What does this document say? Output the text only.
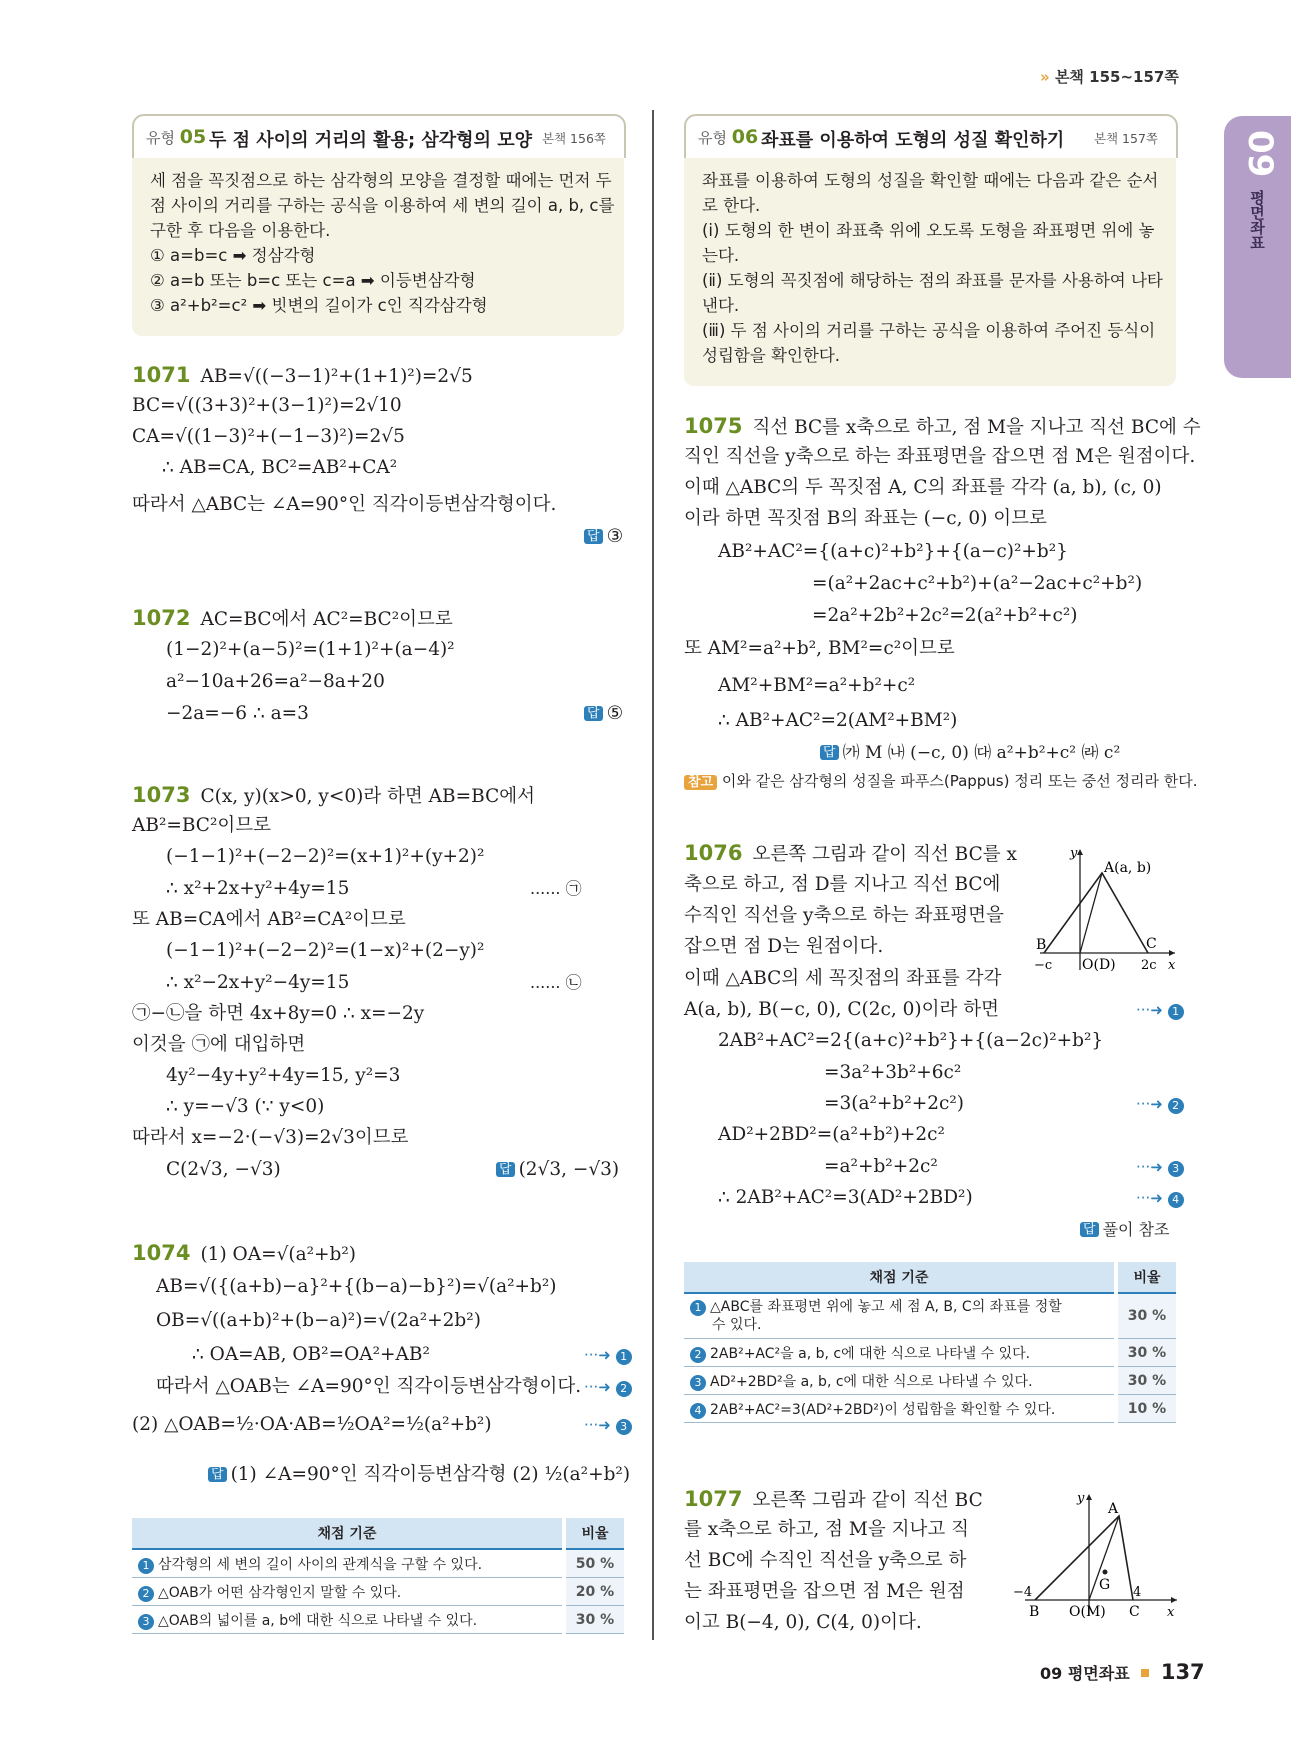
» 본책 155~157쪽
09
평면좌표
유형 05 두 점 사이의 거리의 활용; 삼각형의 모양 본책 156쪽
세 점을 꼭짓점으로 하는 삼각형의 모양을 결정할 때에는 먼저 두
점 사이의 거리를 구하는 공식을 이용하여 세 변의 길이 a, b, c를
구한 후 다음을 이용한다.
① a=b=c ➡ 정삼각형
② a=b 또는 b=c 또는 c=a ➡ 이등변삼각형
③ a²+b²=c² ➡ 빗변의 길이가 c인 직각삼각형
유형 06 좌표를 이용하여 도형의 성질 확인하기 본책 157쪽
좌표를 이용하여 도형의 성질을 확인할 때에는 다음과 같은 순서
로 한다.
(ⅰ) 도형의 한 변이 좌표축 위에 오도록 도형을 좌표평면 위에 놓
는다.
(ⅱ) 도형의 꼭짓점에 해당하는 점의 좌표를 문자를 사용하여 나타
낸다.
(ⅲ) 두 점 사이의 거리를 구하는 공식을 이용하여 주어진 등식이
성립함을 확인한다.
1071 AB=√((−3−1)²+(1+1)²)=2√5
BC=√((3+3)²+(3−1)²)=2√10
CA=√((1−3)²+(−1−3)²)=2√5
∴ AB=CA, BC²=AB²+CA²
따라서 △ABC는 ∠A=90°인 직각이등변삼각형이다.
답 ③
1072 AC=BC에서 AC²=BC²이므로
(1−2)²+(a−5)²=(1+1)²+(a−4)²
a²−10a+26=a²−8a+20
−2a=−6 ∴ a=3	답 ⑤
1073 C(x, y)(x>0, y<0)라 하면 AB=BC에서
AB²=BC²이므로
(−1−1)²+(−2−2)²=(x+1)²+(y+2)²
∴ x²+2x+y²+4y=15	...... ㉠
또 AB=CA에서 AB²=CA²이므로
(−1−1)²+(−2−2)²=(1−x)²+(2−y)²
∴ x²−2x+y²−4y=15	...... ㉡
㉠−㉡을 하면 4x+8y=0 ∴ x=−2y
이것을 ㉠에 대입하면
4y²−4y+y²+4y=15, y²=3
∴ y=−√3 (∵ y<0)
따라서 x=−2·(−√3)=2√3이므로
C(2√3, −√3)	답 (2√3, −√3)
1074 (1) OA=√(a²+b²)
AB=√({(a+b)−a}²+{(b−a)−b}²)=√(a²+b²)
OB=√((a+b)²+(b−a)²)=√(2a²+2b²)
∴ OA=AB, OB²=OA²+AB²	···➜ 1
따라서 △OAB는 ∠A=90°인 직각이등변삼각형이다. ···➜ 2
(2) △OAB=½·OA·AB=½OA²=½(a²+b²)	···➜ 3
답 (1) ∠A=90°인 직각이등변삼각형 (2) ½(a²+b²)
채점 기준	비율
1 삼각형의 세 변의 길이 사이의 관계식을 구할 수 있다.	50 %
2 △OAB가 어떤 삼각형인지 말할 수 있다.	20 %
3 △OAB의 넓이를 a, b에 대한 식으로 나타낼 수 있다.	30 %
1075 직선 BC를 x축으로 하고, 점 M을 지나고 직선 BC에 수
직인 직선을 y축으로 하는 좌표평면을 잡으면 점 M은 원점이다.
이때 △ABC의 두 꼭짓점 A, C의 좌표를 각각 (a, b), (c, 0)
이라 하면 꼭짓점 B의 좌표는 (−c, 0) 이므로
AB²+AC²={(a+c)²+b²}+{(a−c)²+b²}
=(a²+2ac+c²+b²)+(a²−2ac+c²+b²)
=2a²+2b²+2c²=2(a²+b²+c²)
또 AM²=a²+b², BM²=c²이므로
AM²+BM²=a²+b²+c²
∴ AB²+AC²=2(AM²+BM²)
답 ㈎ M ㈏ (−c, 0) ㈐ a²+b²+c² ㈑ c²
참고 이와 같은 삼각형의 성질을 파푸스(Pappus) 정리 또는 중선 정리라 한다.
1076 오른쪽 그림과 같이 직선 BC를 x
축으로 하고, 점 D를 지나고 직선 BC에
수직인 직선을 y축으로 하는 좌표평면을
잡으면 점 D는 원점이다.
이때 △ABC의 세 꼭짓점의 좌표를 각각
A(a, b), B(−c, 0), C(2c, 0)이라 하면	···➜ 1
2AB²+AC²=2{(a+c)²+b²}+{(a−2c)²+b²}
=3a²+3b²+6c²
=3(a²+b²+2c²)	···➜ 2
AD²+2BD²=(a²+b²)+2c²
=a²+b²+2c²	···➜ 3
∴ 2AB²+AC²=3(AD²+2BD²)	···➜ 4
답 풀이 참조
y
A(a, b)
B	C
−c O(D) 2c x
채점 기준	비율
1 △ABC를 좌표평면 위에 놓고 세 점 A, B, C의 좌표를 정할
수 있다.	30 %
2 2AB²+AC²을 a, b, c에 대한 식으로 나타낼 수 있다.	30 %
3 AD²+2BD²을 a, b, c에 대한 식으로 나타낼 수 있다.	30 %
4 2AB²+AC²=3(AD²+2BD²)이 성립함을 확인할 수 있다.	10 %
1077 오른쪽 그림과 같이 직선 BC
를 x축으로 하고, 점 M을 지나고 직
선 BC에 수직인 직선을 y축으로 하
는 좌표평면을 잡으면 점 M은 원점
이고 B(−4, 0), C(4, 0)이다.
y
A
G
−4	4
B O(M) C x
09 평면좌표 137
